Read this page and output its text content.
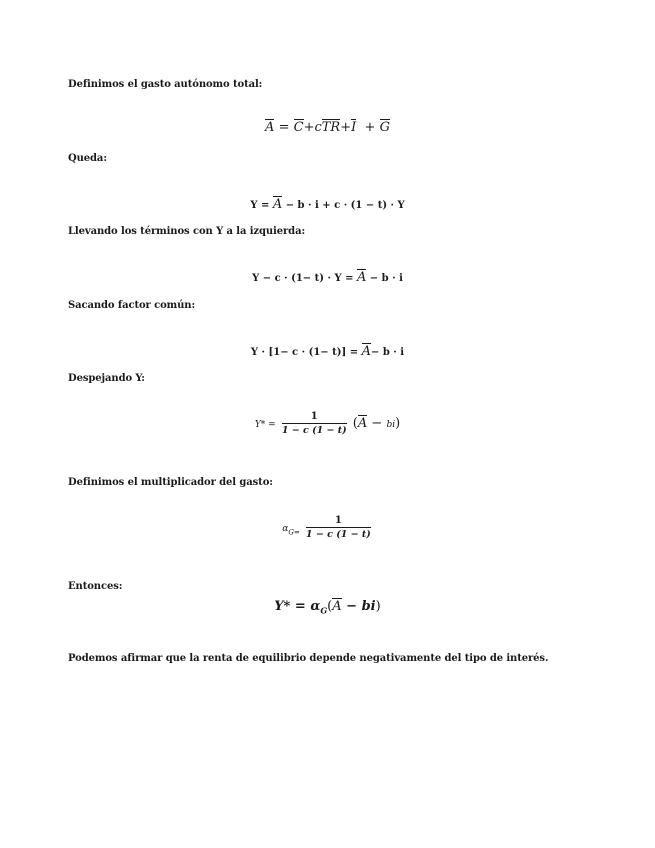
Definimos el gasto autónomo total:
A = C+cTR+I + G
Queda:
Y = A − b · i + c · (1 − t) · Y
Llevando los términos con Y a la izquierda:
Y − c · (1− t) · Y = A − b · i
Sacando factor común:
Y · [1− c · (1− t)] = A− b · i
Despejando Y:
$Y* = \frac{1}{1 - c (1 - t)} (A - bi)$
Definimos el multiplicador del gasto:
$\alpha_{G=} \frac{1}{1 - c (1 - t)}$
Entonces:
$Y* = \alpha_G(A - bi)$
Podemos afirmar que la renta de equilibrio depende negativamente del tipo de interés.
